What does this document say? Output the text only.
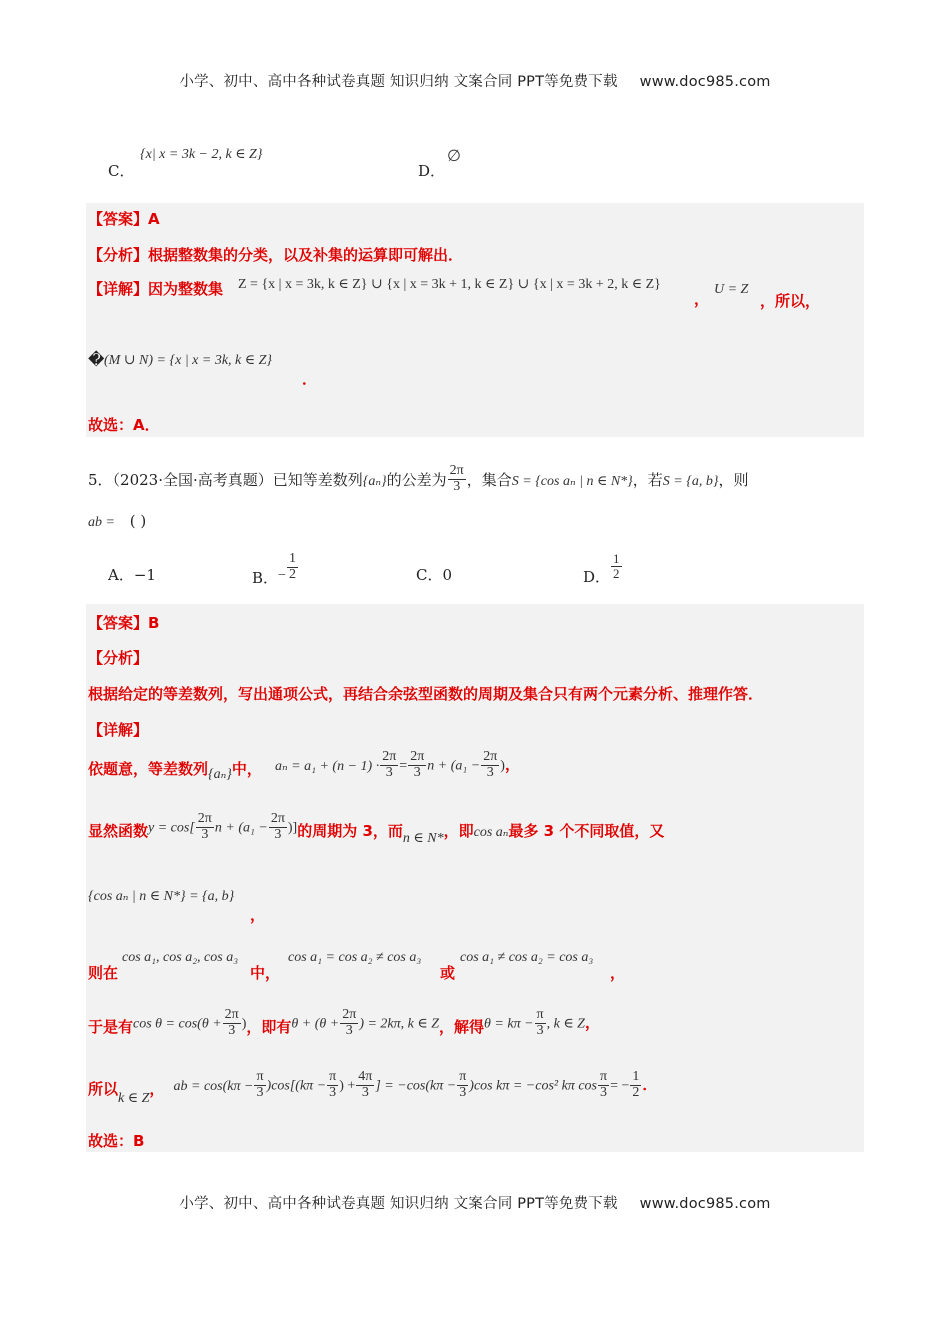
小学、初中、高中各种试卷真题 知识归纳 文案合同 PPT等免费下载 www.doc985.com
C．
{x| x = 3k − 2, k ∈ Z}
D．
∅
【答案】A
【分析】根据整数集的分类，以及补集的运算即可解出．
【详解】因为整数集 Z = {x | x = 3k, k ∈ Z} ∪ {x | x = 3k + 1, k ∈ Z} ∪ {x | x = 3k + 2, k ∈ Z}
，
U = Z
，所以，
� (M ∪ N) = {x | x = 3k, k ∈ Z}
．
故选：A．
5．（2023·全国·高考真题）已知等差数列{aₙ}的公差为 $\frac{2\pi}{3}$ ，集合S = {cos aₙ | n ∈ N*}，若S = {a, b}，则
ab = ( )
A．−1	B．− $\frac{1}{2}$	C．0	D． $\frac{1}{2}$
【答案】B
【分析】
根据给定的等差数列，写出通项公式，再结合余弦型函数的周期及集合只有两个元素分析、推理作答．
【详解】
依题意，等差数列{aₙ}中， $a_n = a_1 + (n - 1) \cdot \frac{2\pi}{3} = \frac{2\pi}{3}$ $n + (a_1 - \frac{2\pi}{3}$ )，
显然函数$y = \cos[ \frac{2\pi}{3}$ $n + (a_1 - \frac{2\pi}{3}$ )]的周期为 3，而n ∈ N*，即cos aₙ最多 3 个不同取值，又
{cos aₙ | n ∈ N*} = {a, b}
，
则在
cos a₁, cos a₂, cos a₃
中，
cos a₁ = cos a₂ ≠ cos a₃
或
cos a₁ ≠ cos a₂ = cos a₃
，
于是有$\cos \theta = \cos(\theta + \frac{2\pi}{3}$ )，即有$\theta + (\theta + \frac{2\pi}{3}$ ) = 2kπ, k ∈ Z，解得$\theta = k\pi - \frac{\pi}{3}$ , k ∈ Z，
所以k ∈ Z， ab = $\cos(k\pi - \frac{\pi}{3} )\cos[(k\pi - \frac{\pi}{3}$ ) + $\frac{4\pi}{3}$ ] = $-\cos(k\pi - \frac{\pi}{3} )\cos$ kπ = −cos² kπ $\cos \frac{\pi}{3}$ = − $\frac{1}{2}$ ．
故选：B
小学、初中、高中各种试卷真题 知识归纳 文案合同 PPT等免费下载 www.doc985.com
